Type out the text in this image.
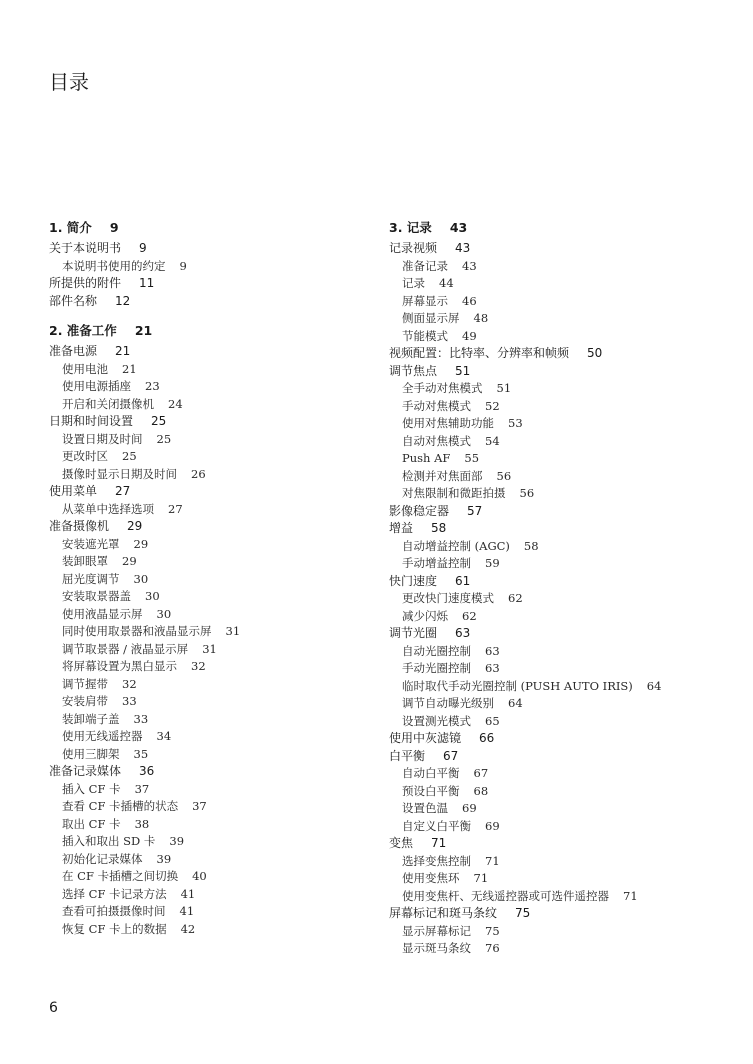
目录
1. 简介 9
关于本说明书 9
本说明书使用的约定 9
所提供的附件 11
部件名称 12
2. 准备工作 21
准备电源 21
使用电池 21
使用电源插座 23
开启和关闭摄像机 24
日期和时间设置 25
设置日期及时间 25
更改时区 25
摄像时显示日期及时间 26
使用菜单 27
从菜单中选择选项 27
准备摄像机 29
安装遮光罩 29
装卸眼罩 29
屈光度调节 30
安装取景器盖 30
使用液晶显示屏 30
同时使用取景器和液晶显示屏 31
调节取景器 / 液晶显示屏 31
将屏幕设置为黑白显示 32
调节握带 32
安装肩带 33
装卸端子盖 33
使用无线遥控器 34
使用三脚架 35
准备记录媒体 36
插入 CF 卡 37
查看 CF 卡插槽的状态 37
取出 CF 卡 38
插入和取出 SD 卡 39
初始化记录媒体 39
在 CF 卡插槽之间切换 40
选择 CF 卡记录方法 41
查看可拍摄摄像时间 41
恢复 CF 卡上的数据 42
3. 记录 43
记录视频 43
准备记录 43
记录 44
屏幕显示 46
侧面显示屏 48
节能模式 49
视频配置：比特率、分辨率和帧频 50
调节焦点 51
全手动对焦模式 51
手动对焦模式 52
使用对焦辅助功能 53
自动对焦模式 54
Push AF 55
检测并对焦面部 56
对焦限制和微距拍摄 56
影像稳定器 57
增益 58
自动增益控制 (AGC) 58
手动增益控制 59
快门速度 61
更改快门速度模式 62
减少闪烁 62
调节光圈 63
自动光圈控制 63
手动光圈控制 63
临时取代手动光圈控制 (PUSH AUTO IRIS) 64
调节自动曝光级别 64
设置测光模式 65
使用中灰滤镜 66
白平衡 67
自动白平衡 67
预设白平衡 68
设置色温 69
自定义白平衡 69
变焦 71
选择变焦控制 71
使用变焦环 71
使用变焦杆、无线遥控器或可选件遥控器 71
屏幕标记和斑马条纹 75
显示屏幕标记 75
显示斑马条纹 76
6
